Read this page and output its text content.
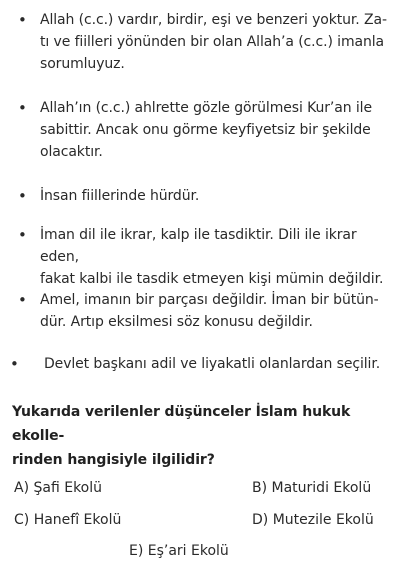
• Allah (c.c.) vardır, birdir, eşi ve benzeri yoktur. Za-
tı ve fiilleri yönünden bir olan Allah’a (c.c.) imanla
sorumluyuz.
• Allah’ın (c.c.) ahlrette gözle görülmesi Kur’an ile
sabittir. Ancak onu görme keyfiyetsiz bir şekilde
olacaktır.
• İnsan fiillerinde hürdür.
• İman dil ile ikrar, kalp ile tasdiktir. Dili ile ikrar eden,
fakat kalbi ile tasdik etmeyen kişi mümin değildir.
• Amel, imanın bir parçası değildir. İman bir bütün-
dür. Artıp eksilmesi söz konusu değildir.
• Devlet başkanı adil ve liyakatli olanlardan seçilir.
Yukarıda verilenler düşünceler İslam hukuk ekolle-
rinden hangisiyle ilgilidir?
A) Şafi Ekolü	B) Maturidi Ekolü
C) Hanefî Ekolü	D) Mutezile Ekolü
E) Eş’ari Ekolü
